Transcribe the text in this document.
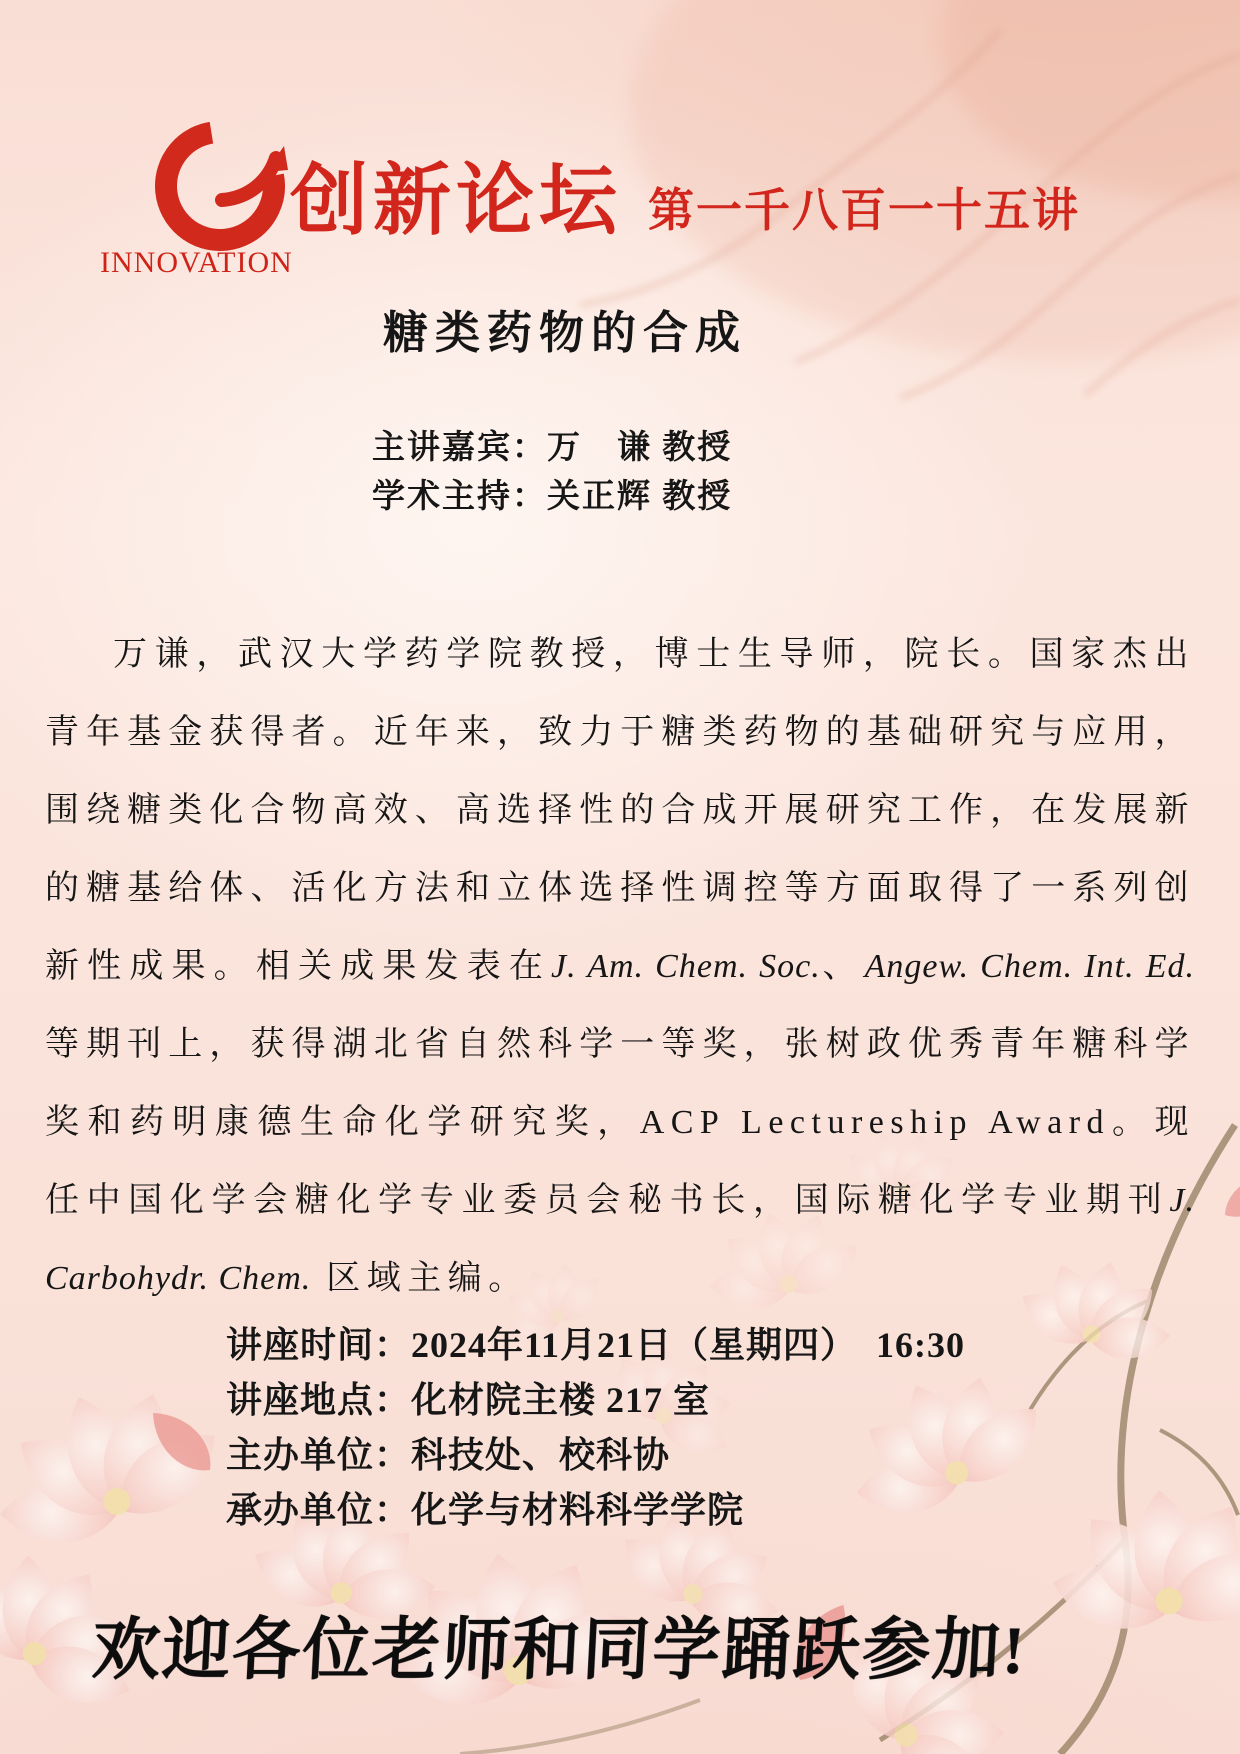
INNOVATION
创新论坛 第一千八百一十五讲
糖类药物的合成
主讲嘉宾：万　谦 教授
学术主持：关正辉 教授

万谦，武汉大学药学院教授，博士生导师，院长。国家杰出青年基金获得者。近年来，致力于糖类药物的基础研究与应用，围绕糖类化合物高效、高选择性的合成开展研究工作，在发展新的糖基给体、活化方法和立体选择性调控等方面取得了一系列创新性成果。相关成果发表在J. Am. Chem. Soc.、Angew. Chem. Int. Ed.等期刊上，获得湖北省自然科学一等奖，张树政优秀青年糖科学奖和药明康德生命化学研究奖，ACP Lectureship Award。现任中国化学会糖化学专业委员会秘书长，国际糖化学专业期刊J. Carbohydr. Chem. 区域主编。

讲座时间：2024年11月21日（星期四）　16:30
讲座地点：化材院主楼 217 室
主办单位：科技处、校科协
承办单位：化学与材料科学学院
欢迎各位老师和同学踊跃参加!
